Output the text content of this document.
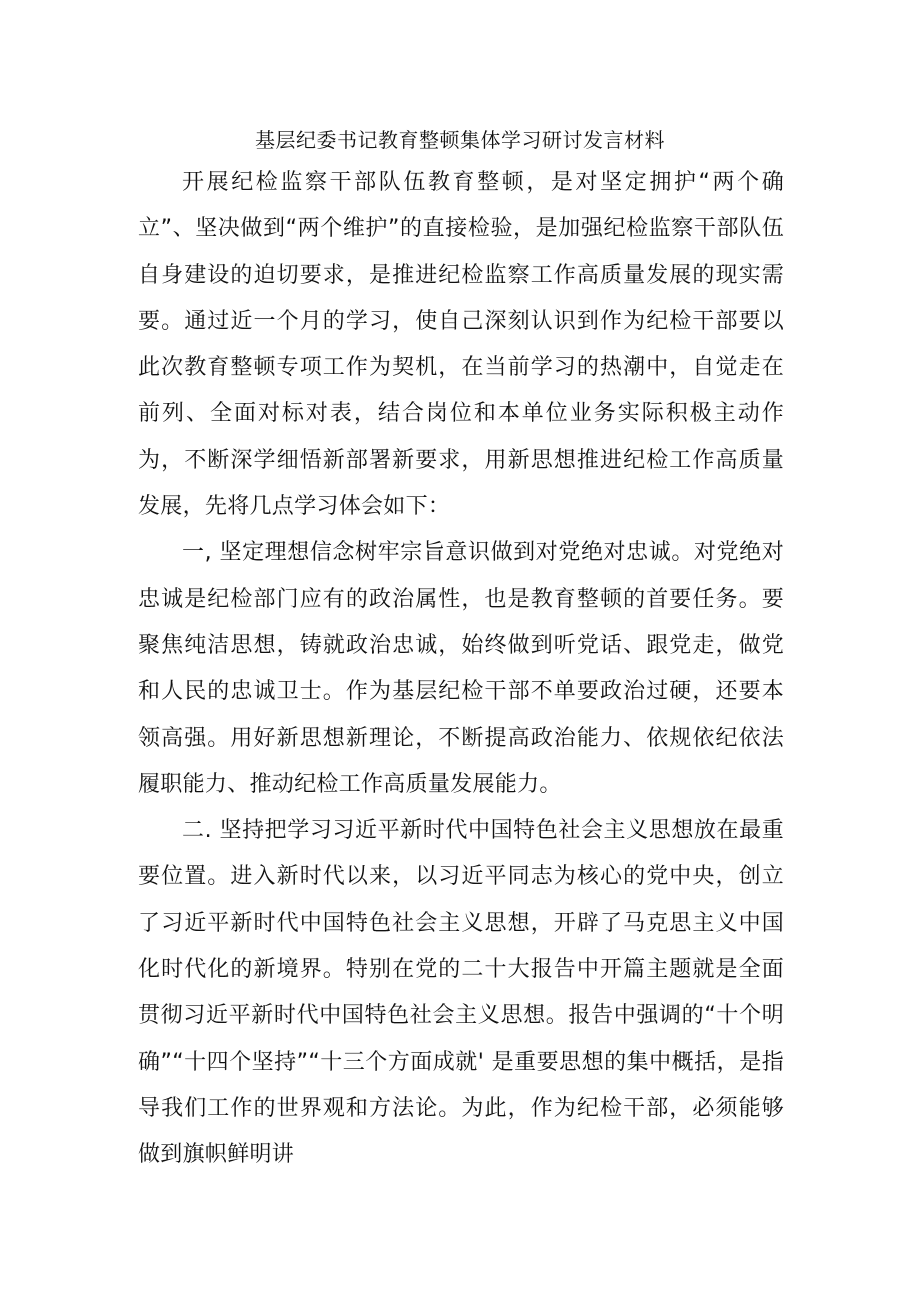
基层纪委书记教育整顿集体学习研讨发言材料

开展纪检监察干部队伍教育整顿，是对坚定拥护“两个确立”、坚决做到“两个维护”的直接检验，是加强纪检监察干部队伍自身建设的迫切要求，是推进纪检监察工作高质量发展的现实需要。通过近一个月的学习，使自己深刻认识到作为纪检干部要以此次教育整顿专项工作为契机，在当前学习的热潮中，自觉走在前列、全面对标对表，结合岗位和本单位业务实际积极主动作为，不断深学细悟新部署新要求，用新思想推进纪检工作高质量发展，先将几点学习体会如下：

一, 坚定理想信念树牢宗旨意识做到对党绝对忠诚。对党绝对忠诚是纪检部门应有的政治属性，也是教育整顿的首要任务。要聚焦纯洁思想，铸就政治忠诚，始终做到听党话、跟党走，做党和人民的忠诚卫士。作为基层纪检干部不单要政治过硬，还要本领高强。用好新思想新理论，不断提高政治能力、依规依纪依法履职能力、推动纪检工作高质量发展能力。

二. 坚持把学习习近平新时代中国特色社会主义思想放在最重要位置。进入新时代以来，以习近平同志为核心的党中央，创立了习近平新时代中国特色社会主义思想，开辟了马克思主义中国化时代化的新境界。特别在党的二十大报告中开篇主题就是全面贯彻习近平新时代中国特色社会主义思想。报告中强调的“十个明确”“十四个坚持”“十三个方面成就' 是重要思想的集中概括，是指导我们工作的世界观和方法论。为此，作为纪检干部，必须能够做到旗帜鲜明讲
